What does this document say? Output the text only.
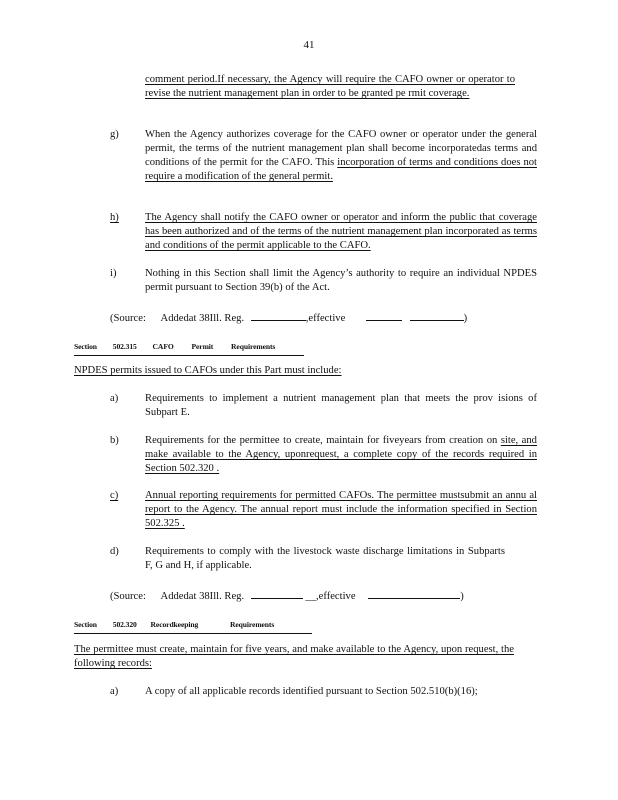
41
comment period.If necessary, the Agency will require the CAFO owner or operator to revise the nutrient management plan in order to be granted pe rmit coverage.
g)	When the Agency authorizes coverage for the CAFO owner or operator under the general permit, the terms of the nutrient management plan shall become incorporatedas terms and conditions of the permit for the CAFO. This incorporation of terms and conditions does not require a modification of the general permit.
h)	The Agency shall notify the CAFO owner or operator and inform the public that coverage has been authorized and of the terms of the nutrient management plan incorporated as terms and conditions of the permit applicable to the CAFO.
i)	Nothing in this Section shall limit the Agency’s authority to require an individual NPDES permit pursuant to Section 39(b) of the Act.
(Source: Addedat 38Ill. Reg.	,effective	)
Section 502.315 CAFO Permit Requirements
NPDES permits issued to CAFOs under this Part must include:
a)	Requirements to implement a nutrient management plan that meets the prov isions of Subpart E.
b)	Requirements for the permittee to create, maintain for fiveyears from creation on site, and make available to the Agency, uponrequest, a complete copy of the records required in Section 502.320 .
c)	Annual reporting requirements for permitted CAFOs. The permittee mustsubmit an annu al report to the Agency. The annual report must include the information specified in Section 502.325 .
d)	Requirements to comply with the livestock waste discharge limitations in Subparts F, G and H, if applicable.
(Source: Addedat 38Ill. Reg.	__,effective	)
Section 502.320 Recordkeeping	Requirements
The permittee must create, maintain for five years, and make available to the Agency, upon request, the following records:
a)	A copy of all applicable records identified pursuant to Section 502.510(b)(16);
